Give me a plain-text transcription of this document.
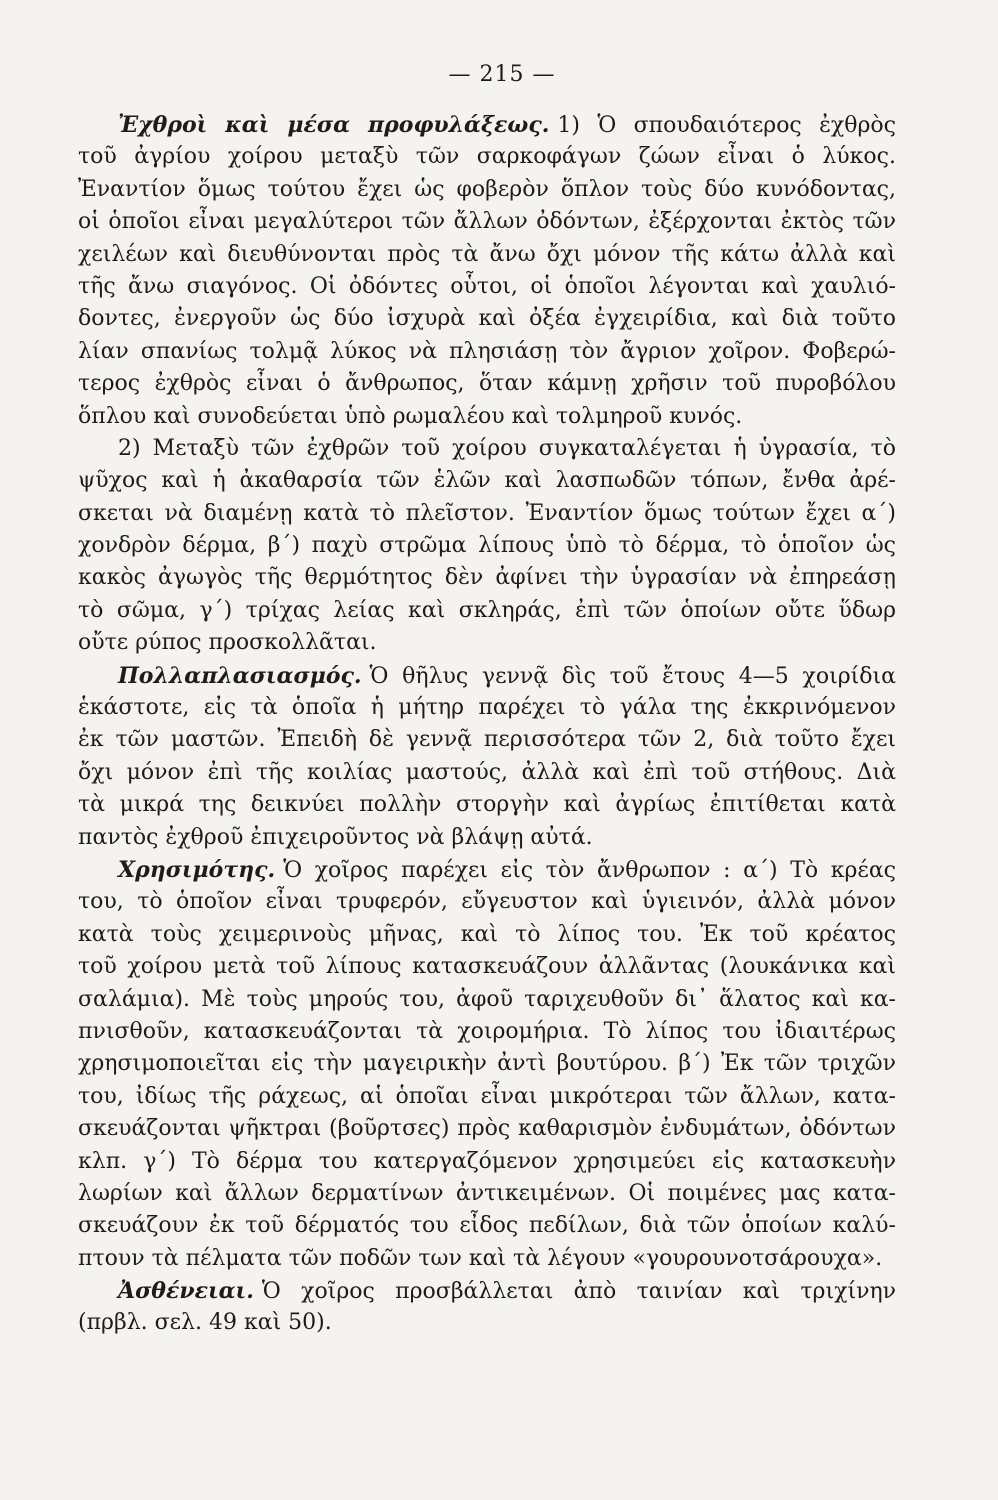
— 215 —
Ἐχθροὶ καὶ μέσα προφυλάξεως. 1) Ὁ σπουδαιότερος ἐχθρὸς
τοῦ ἀγρίου χοίρου μεταξὺ τῶν σαρκοφάγων ζώων εἶναι ὁ λύκος.
Ἐναντίον ὅμως τούτου ἔχει ὡς φοβερὸν ὅπλον τοὺς δύο κυνόδοντας,
οἱ ὁποῖοι εἶναι μεγαλύτεροι τῶν ἄλλων ὀδόντων, ἐξέρχονται ἐκτὸς τῶν
χειλέων καὶ διευθύνονται πρὸς τὰ ἄνω ὄχι μόνον τῆς κάτω ἀλλὰ καὶ
τῆς ἄνω σιαγόνος. Οἱ ὀδόντες οὗτοι, οἱ ὁποῖοι λέγονται καὶ χαυλιό-
δοντες, ἐνεργοῦν ὡς δύο ἰσχυρὰ καὶ ὀξέα ἐγχειρίδια, καὶ διὰ τοῦτο
λίαν σπανίως τολμᾷ λύκος νὰ πλησιάσῃ τὸν ἄγριον χοῖρον. Φοβερώ-
τερος ἐχθρὸς εἶναι ὁ ἄνθρωπος, ὅταν κάμνῃ χρῆσιν τοῦ πυροβόλου
ὅπλου καὶ συνοδεύεται ὑπὸ ρωμαλέου καὶ τολμηροῦ κυνός.
2) Μεταξὺ τῶν ἐχθρῶν τοῦ χοίρου συγκαταλέγεται ἡ ὑγρασία, τὸ
ψῦχος καὶ ἡ ἀκαθαρσία τῶν ἑλῶν καὶ λασπωδῶν τόπων, ἔνθα ἀρέ-
σκεται νὰ διαμένῃ κατὰ τὸ πλεῖστον. Ἐναντίον ὅμως τούτων ἔχει α΄)
χονδρὸν δέρμα, β΄) παχὺ στρῶμα λίπους ὑπὸ τὸ δέρμα, τὸ ὁποῖον ὡς
κακὸς ἀγωγὸς τῆς θερμότητος δὲν ἀφίνει τὴν ὑγρασίαν νὰ ἐπηρεάσῃ
τὸ σῶμα, γ΄) τρίχας λείας καὶ σκληράς, ἐπὶ τῶν ὁποίων οὔτε ὕδωρ
οὔτε ρύπος προσκολλᾶται.
Πολλαπλασιασμός. Ὁ θῆλυς γεννᾷ δὶς τοῦ ἔτους 4—5 χοιρίδια
ἑκάστοτε, εἰς τὰ ὁποῖα ἡ μήτηρ παρέχει τὸ γάλα της ἐκκρινόμενον
ἐκ τῶν μαστῶν. Ἐπειδὴ δὲ γεννᾷ περισσότερα τῶν 2, διὰ τοῦτο ἔχει
ὄχι μόνον ἐπὶ τῆς κοιλίας μαστούς, ἀλλὰ καὶ ἐπὶ τοῦ στήθους. Διὰ
τὰ μικρά της δεικνύει πολλὴν στοργὴν καὶ ἀγρίως ἐπιτίθεται κατὰ
παντὸς ἐχθροῦ ἐπιχειροῦντος νὰ βλάψῃ αὐτά.
Χρησιμότης. Ὁ χοῖρος παρέχει εἰς τὸν ἄνθρωπον : α΄) Τὸ κρέας
του, τὸ ὁποῖον εἶναι τρυφερόν, εὔγευστον καὶ ὑγιεινόν, ἀλλὰ μόνον
κατὰ τοὺς χειμερινοὺς μῆνας, καὶ τὸ λίπος του. Ἐκ τοῦ κρέατος
τοῦ χοίρου μετὰ τοῦ λίπους κατασκευάζουν ἀλλᾶντας (λουκάνικα καὶ
σαλάμια). Μὲ τοὺς μηρούς του, ἀφοῦ ταριχευθοῦν δι᾽ ἅλατος καὶ κα-
πνισθοῦν, κατασκευάζονται τὰ χοιρομήρια. Τὸ λίπος του ἰδιαιτέρως
χρησιμοποιεῖται εἰς τὴν μαγειρικὴν ἀντὶ βουτύρου. β΄) Ἐκ τῶν τριχῶν
του, ἰδίως τῆς ράχεως, αἱ ὁποῖαι εἶναι μικρότεραι τῶν ἄλλων, κατα-
σκευάζονται ψῆκτραι (βοῦρτσες) πρὸς καθαρισμὸν ἐνδυμάτων, ὀδόντων
κλπ. γ΄) Τὸ δέρμα του κατεργαζόμενον χρησιμεύει εἰς κατασκευὴν
λωρίων καὶ ἄλλων δερματίνων ἀντικειμένων. Οἱ ποιμένες μας κατα-
σκευάζουν ἐκ τοῦ δέρματός του εἶδος πεδίλων, διὰ τῶν ὁποίων καλύ-
πτουν τὰ πέλματα τῶν ποδῶν των καὶ τὰ λέγουν «γουρουνοτσάρουχα».
Ἀσθένειαι. Ὁ χοῖρος προσβάλλεται ἀπὸ ταινίαν καὶ τριχίνην
(πρβλ. σελ. 49 καὶ 50).
